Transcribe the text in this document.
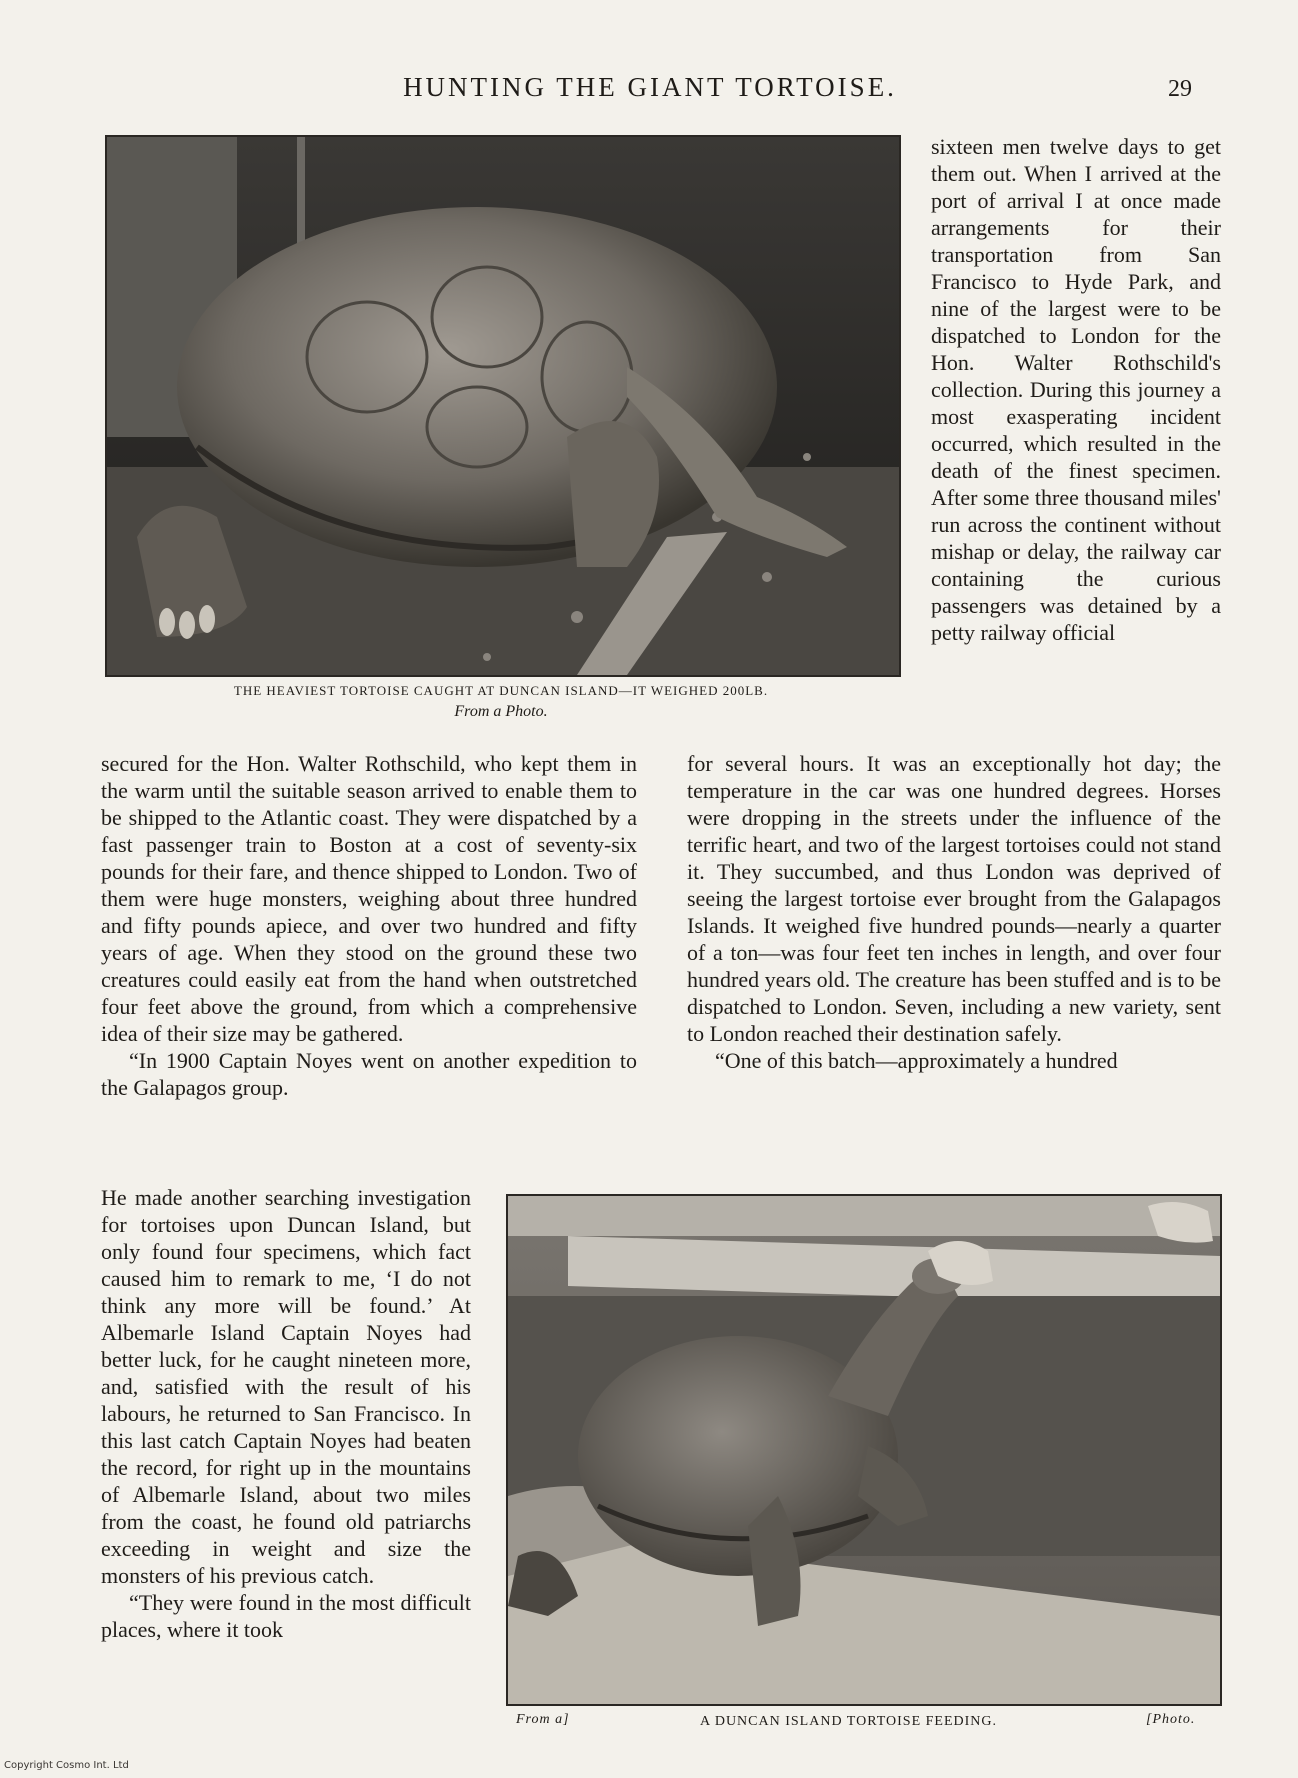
HUNTING THE GIANT TORTOISE.	29
THE HEAVIEST TORTOISE CAUGHT AT DUNCAN ISLAND—IT WEIGHED 200LB.
From a Photo.

sixteen men twelve days to get them out. When I arrived at the port of arrival I at once made arrangements for their transportation from San Francisco to Hyde Park, and nine of the largest were to be dispatched to London for the Hon. Walter Rothschild's collection. During this journey a most exasperating incident occurred, which resulted in the death of the finest specimen. After some three thousand miles' run across the continent without mishap or delay, the railway car containing the curious passengers was detained by a petty railway official

secured for the Hon. Walter Rothschild, who kept them in the warm until the suitable season arrived to enable them to be shipped to the Atlantic coast. They were dispatched by a fast passenger train to Boston at a cost of seventy-six pounds for their fare, and thence shipped to London. Two of them were huge monsters, weighing about three hundred and fifty pounds apiece, and over two hundred and fifty years of age. When they stood on the ground these two creatures could easily eat from the hand when outstretched four feet above the ground, from which a comprehensive idea of their size may be gathered.

“In 1900 Captain Noyes went on another expedition to the Galapagos group.

He made another searching investigation for tortoises upon Duncan Island, but only found four specimens, which fact caused him to remark to me, ‘I do not think any more will be found.’ At Albemarle Island Captain Noyes had better luck, for he caught nineteen more, and, satisfied with the result of his labours, he returned to San Francisco. In this last catch Captain Noyes had beaten the record, for right up in the mountains of Albemarle Island, about two miles from the coast, he found old patriarchs exceeding in weight and size the monsters of his previous catch.

“They were found in the most difficult places, where it took

for several hours. It was an exceptionally hot day; the temperature in the car was one hundred degrees. Horses were dropping in the streets under the influence of the terrific heart, and two of the largest tortoises could not stand it. They succumbed, and thus London was deprived of seeing the largest tortoise ever brought from the Galapagos Islands. It weighed five hundred pounds—nearly a quarter of a ton—was four feet ten inches in length, and over four hundred years old. The creature has been stuffed and is to be dispatched to London. Seven, including a new variety, sent to London reached their destination safely.

“One of this batch—approximately a hundred

From a]	A DUNCAN ISLAND TORTOISE FEEDING.	[Photo.
Copyright Cosmo Int. Ltd
